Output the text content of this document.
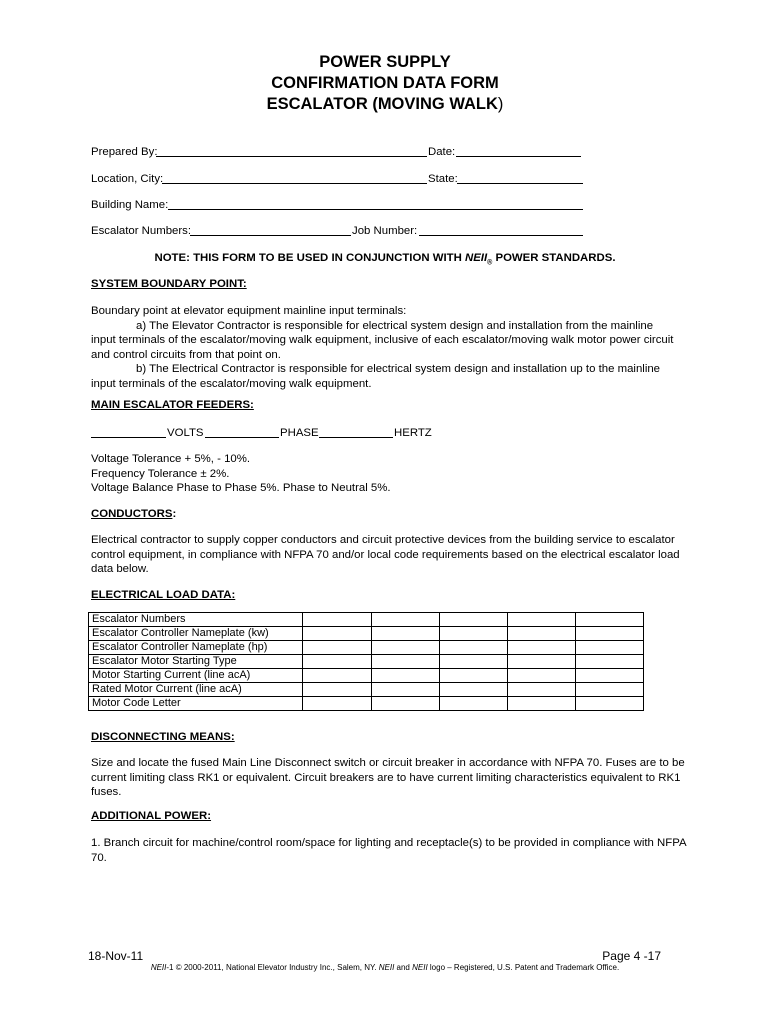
POWER SUPPLY
CONFIRMATION DATA FORM
ESCALATOR (MOVING WALK)
Prepared By:	Date:
Location, City:	State:
Building Name:
Escalator Numbers:	Job Number:
NOTE: THIS FORM TO BE USED IN CONJUNCTION WITH $NEII_®$ POWER STANDARDS.
SYSTEM BOUNDARY POINT:
Boundary point at elevator equipment mainline input terminals:
a) The Elevator Contractor is responsible for electrical system design and installation from the mainline
input terminals of the escalator/moving walk equipment, inclusive of each escalator/moving walk motor power circuit and control circuits from that point on.
b) The Electrical Contractor is responsible for electrical system design and installation up to the mainline
input terminals of the escalator/moving walk equipment.
MAIN ESCALATOR FEEDERS:
VOLTS	PHASE	HERTZ
Voltage Tolerance + 5%, - 10%.
Frequency Tolerance ± 2%.
Voltage Balance Phase to Phase 5%. Phase to Neutral 5%.
CONDUCTORS:
Electrical contractor to supply copper conductors and circuit protective devices from the building service to escalator control equipment, in compliance with NFPA 70 and/or local code requirements based on the electrical escalator load data below.
ELECTRICAL LOAD DATA:
Escalator Numbers					
Escalator Controller Nameplate (kw)					
Escalator Controller Nameplate (hp)					
Escalator Motor Starting Type					
Motor Starting Current (line acA)					
Rated Motor Current (line acA)					
Motor Code Letter					
DISCONNECTING MEANS:
Size and locate the fused Main Line Disconnect switch or circuit breaker in accordance with NFPA 70. Fuses are to be current limiting class RK1 or equivalent. Circuit breakers are to have current limiting characteristics equivalent to RK1 fuses.
ADDITIONAL POWER:
1. Branch circuit for machine/control room/space for lighting and receptacle(s) to be provided in compliance with NFPA 70.
18-Nov-11	Page 4 -17
NEII-1 © 2000-2011, National Elevator Industry Inc., Salem, NY. NEII and NEII logo – Registered, U.S. Patent and Trademark Office.
